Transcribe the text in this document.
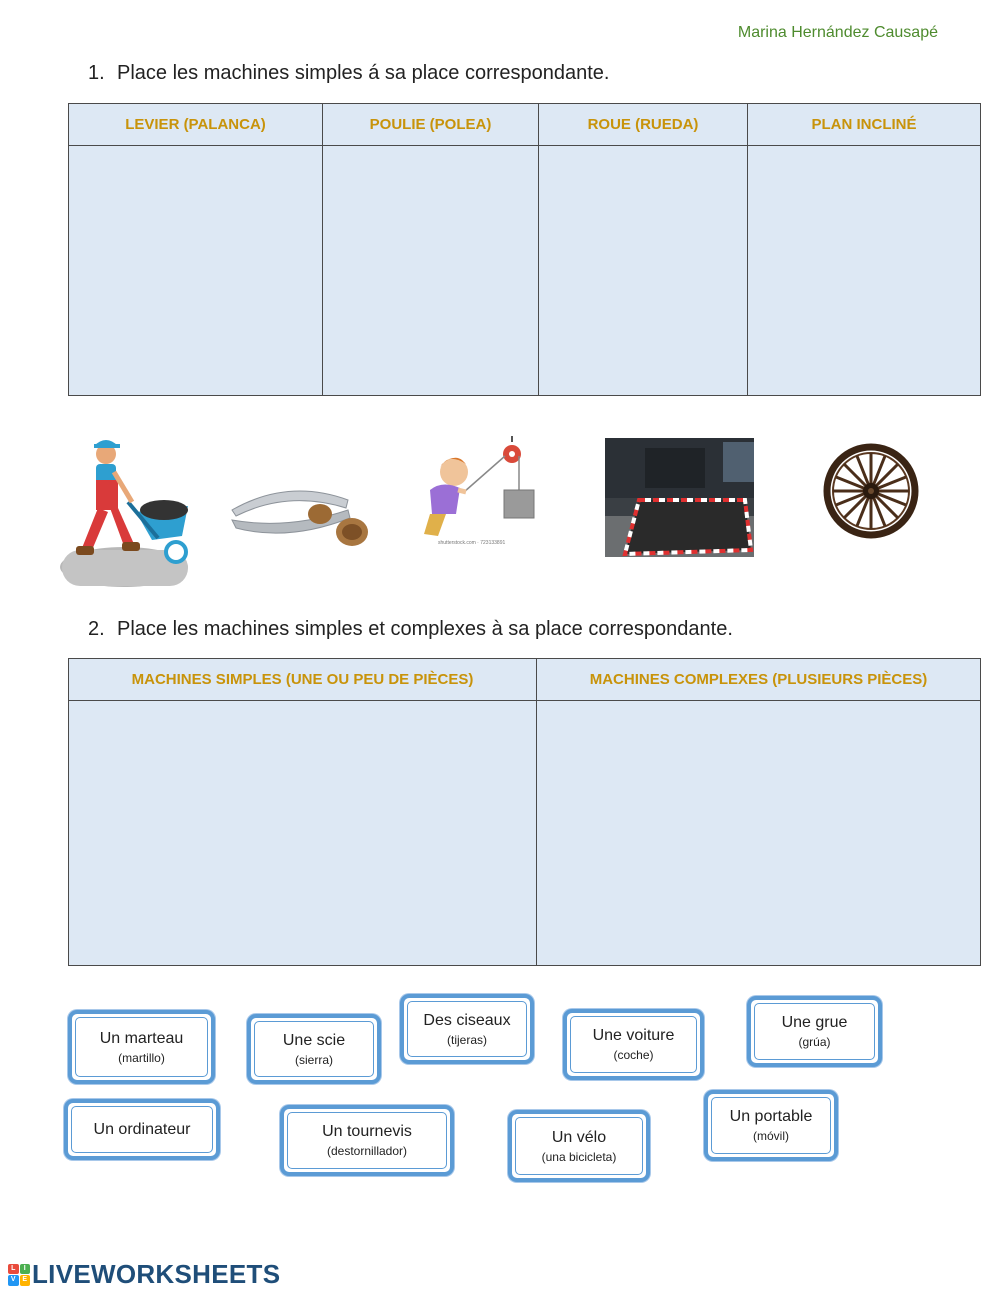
Marina Hernández Causapé
1. Place les machines simples á sa place correspondante.
LEVIER (PALANCA)	POULIE (POLEA)	ROUE (RUEDA)	PLAN INCLINÉ

shutterstock.com · 723133891
2. Place les machines simples et complexes à sa place correspondante.
MACHINES SIMPLES (UNE OU PEU DE PIÈCES)	MACHINES COMPLEXES (PLUSIEURS PIÈCES)

Un marteau
(martillo)
Une scie
(sierra)
Des ciseaux
(tijeras)	Une voiture
(coche)
Une grue
(grúa)
Un ordinateur	Un tournevis
(destornillador)
Un vélo
(una bicicleta)
Un portable
(móvil)
L	I
V E LIVEWORKSHEETS
